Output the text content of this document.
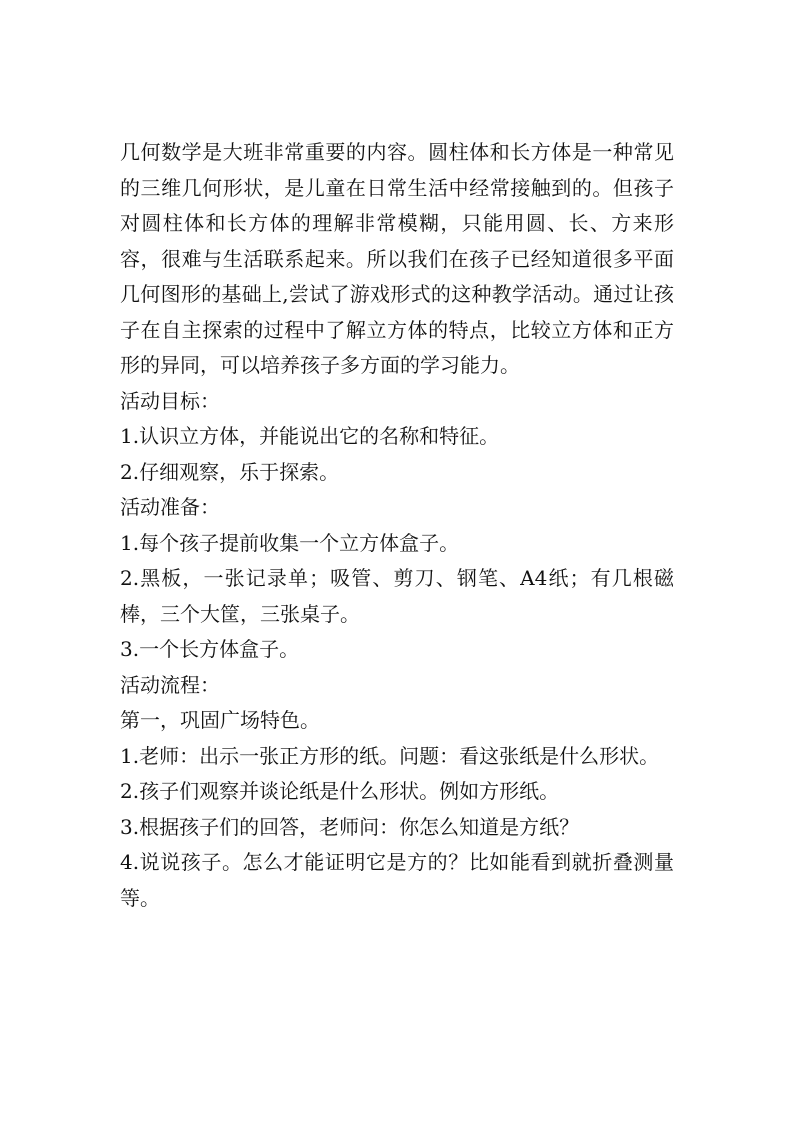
几何数学是大班非常重要的内容。圆柱体和长方体是一种常见的三维几何形状，是儿童在日常生活中经常接触到的。但孩子对圆柱体和长方体的理解非常模糊，只能用圆、长、方来形容，很难与生活联系起来。所以我们在孩子已经知道很多平面几何图形的基础上,尝试了游戏形式的这种教学活动。通过让孩子在自主探索的过程中了解立方体的特点，比较立方体和正方形的异同，可以培养孩子多方面的学习能力。

活动目标：

1.认识立方体，并能说出它的名称和特征。

2.仔细观察，乐于探索。

活动准备：

1.每个孩子提前收集一个立方体盒子。

2.黑板，一张记录单；吸管、剪刀、钢笔、A4纸；有几根磁棒，三个大筐，三张桌子。

3.一个长方体盒子。

活动流程：

第一，巩固广场特色。

1.老师：出示一张正方形的纸。问题：看这张纸是什么形状。

2.孩子们观察并谈论纸是什么形状。例如方形纸。

3.根据孩子们的回答，老师问：你怎么知道是方纸？

4.说说孩子。怎么才能证明它是方的？比如能看到就折叠测量等。
